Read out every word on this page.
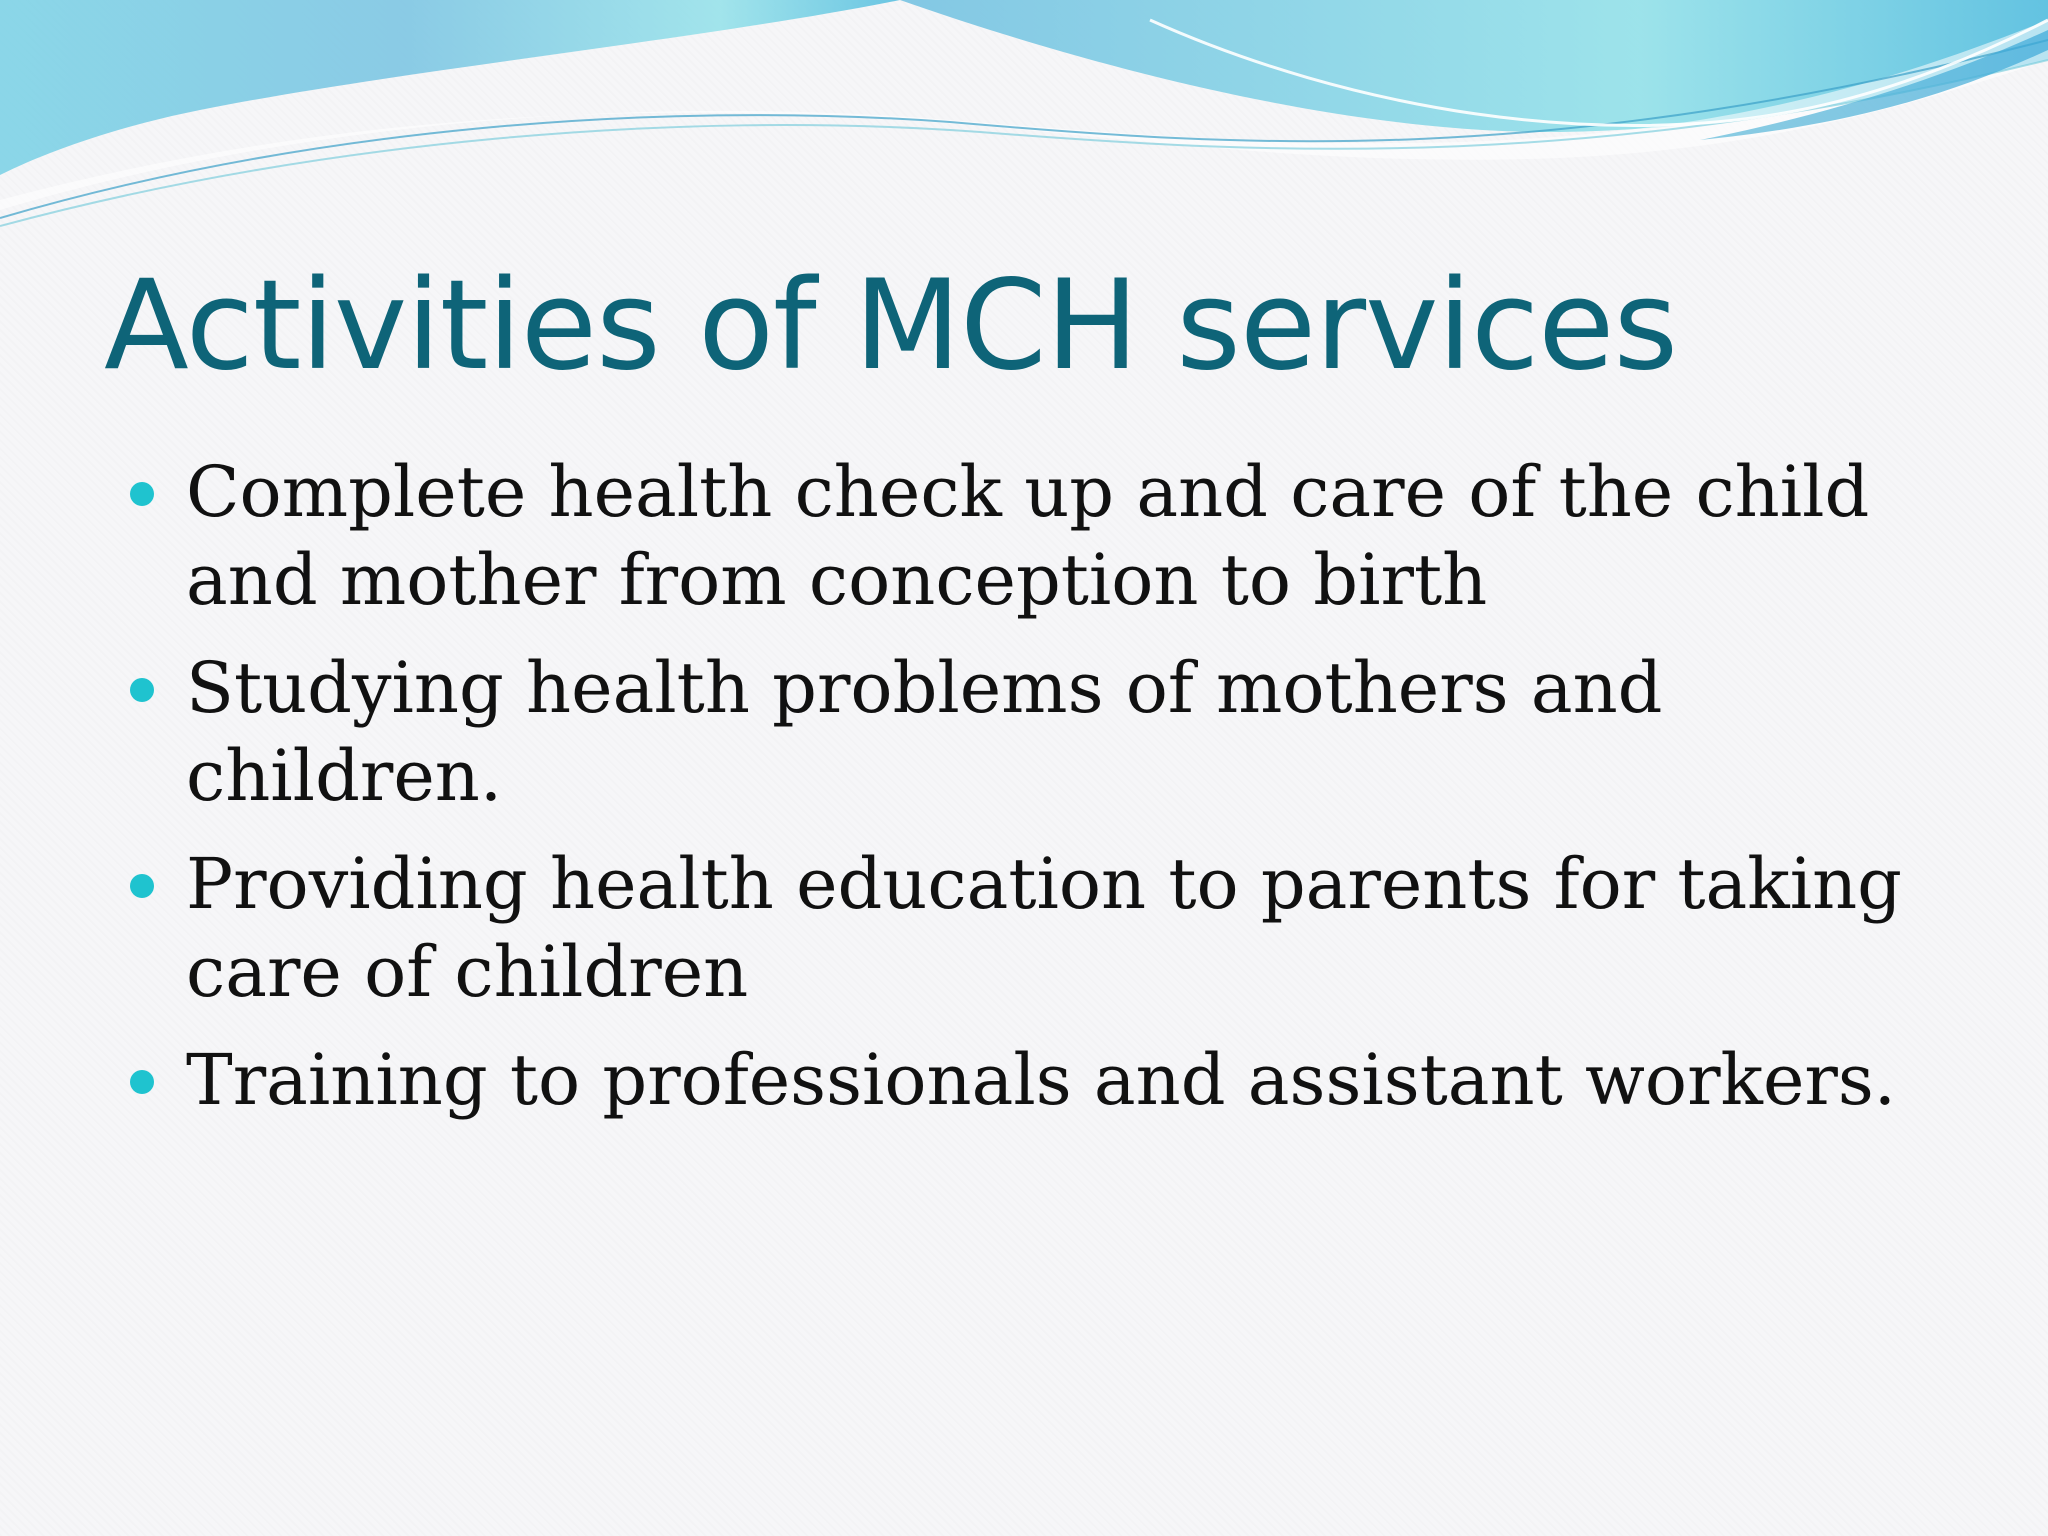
Activities of MCH services
Complete health check up and care of the child and mother from conception to birth
Studying health problems of mothers and children.
Providing health education to parents for taking care of children
Training to professionals and assistant workers.
